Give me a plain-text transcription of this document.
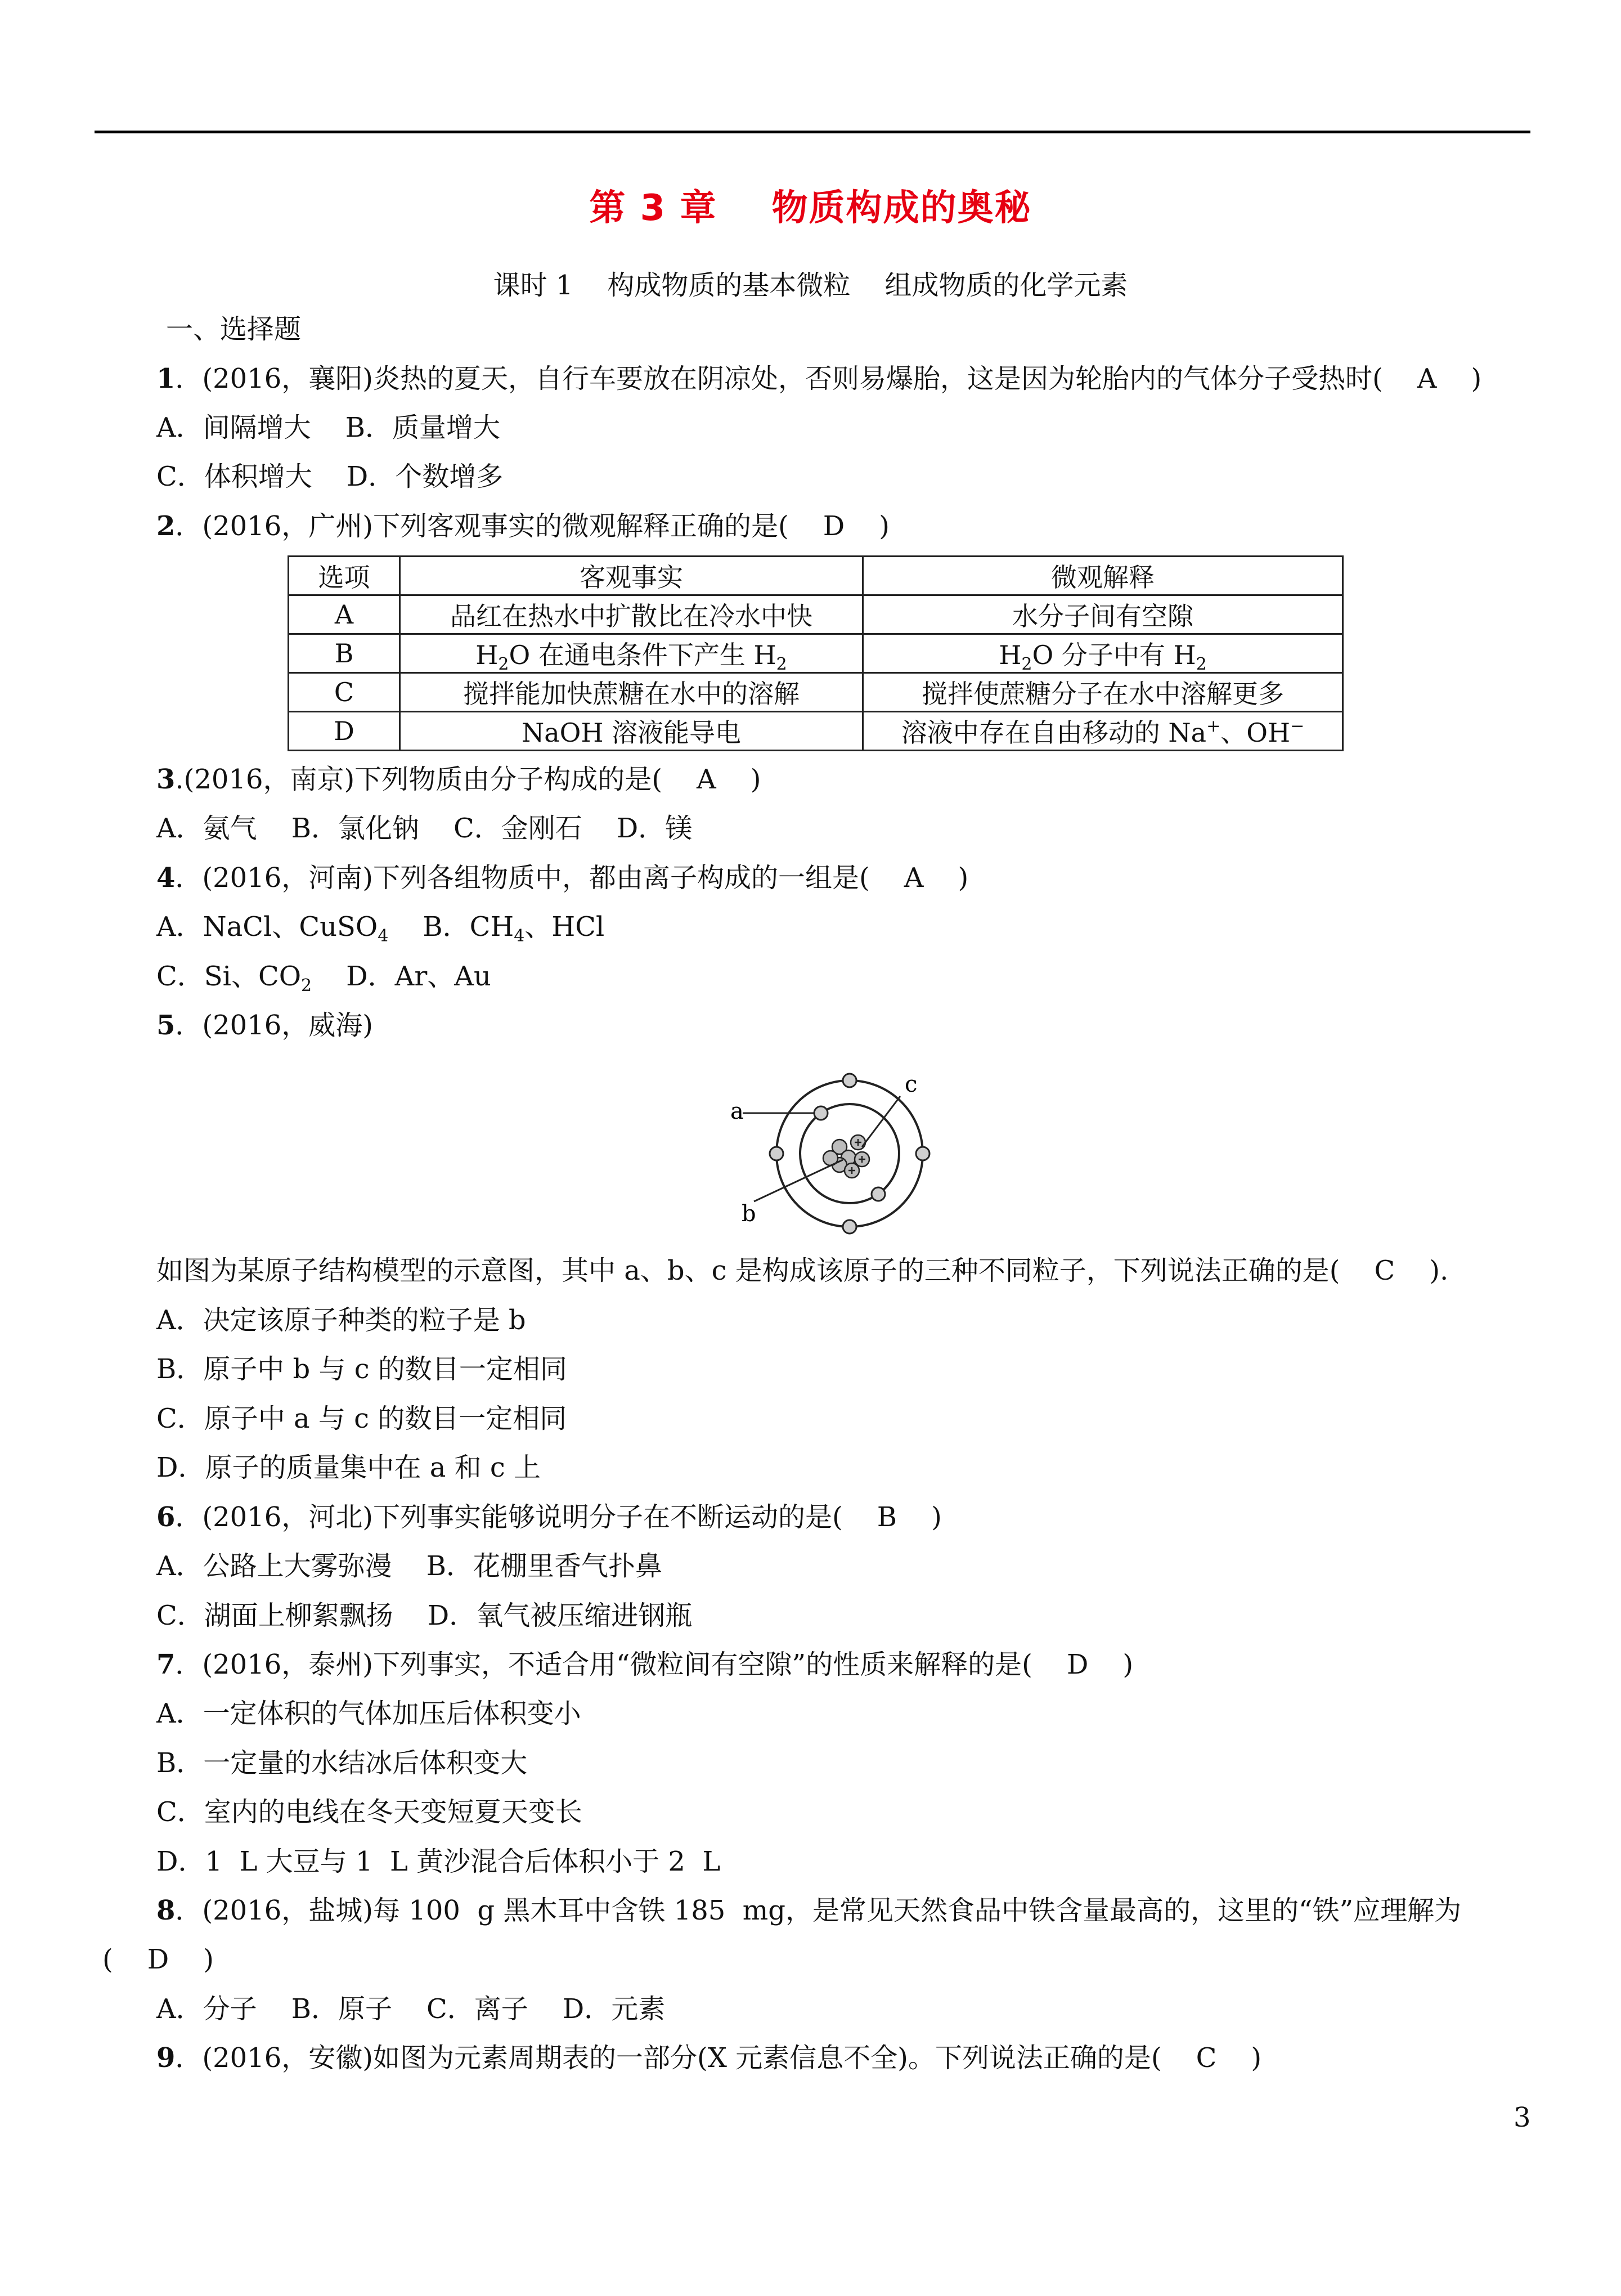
第 3 章    物质构成的奥秘
课时 1    构成物质的基本微粒    组成物质的化学元素
一、选择题
1．(2016，襄阳)炎热的夏天，自行车要放在阴凉处，否则易爆胎，这是因为轮胎内的气体分子受热时(    A    )
A．间隔增大    B．质量增大
C．体积增大    D．个数增多
2．(2016，广州)下列客观事实的微观解释正确的是(    D    )
选项	客观事实	微观解释
A	品红在热水中扩散比在冷水中快	水分子间有空隙
B	$H_2O$ 在通电条件下产生 $H_2$	$H_2O$ 分子中有 $H_2$
C	搅拌能加快蔗糖在水中的溶解	搅拌使蔗糖分子在水中溶解更多
D	NaOH 溶液能导电	溶液中存在自由移动的 Na+、OH−
3.(2016，南京)下列物质由分子构成的是(    A    )
A．氨气    B．氯化钠    C．金刚石    D．镁
4．(2016，河南)下列各组物质中，都由离子构成的一组是(    A    )
A．NaCl、CuSO$_4$    B．$CH_4$、HCl
C．Si、$CO_2$    D．Ar、Au
5．(2016，威海)
a
c
b
如图为某原子结构模型的示意图，其中 a、b、c 是构成该原子的三种不同粒子，下列说法正确的是(    C    ).
A．决定该原子种类的粒子是 b
B．原子中 b 与 c 的数目一定相同
C．原子中 a 与 c 的数目一定相同
D．原子的质量集中在 a 和 c 上
6．(2016，河北)下列事实能够说明分子在不断运动的是(    B    )
A．公路上大雾弥漫    B．花棚里香气扑鼻
C．湖面上柳絮飘扬    D．氧气被压缩进钢瓶
7．(2016，泰州)下列事实，不适合用“微粒间有空隙”的性质来解释的是(    D    )
A．一定体积的气体加压后体积变小
B．一定量的水结冰后体积变大
C．室内的电线在冬天变短夏天变长
D．1  L 大豆与 1  L 黄沙混合后体积小于 2  L
8．(2016，盐城)每 100  g 黑木耳中含铁 185  mg，是常见天然食品中铁含量最高的，这里的“铁”应理解为
(    D    )
A．分子    B．原子    C．离子    D．元素
9．(2016，安徽)如图为元素周期表的一部分(X 元素信息不全)。下列说法正确的是(    C    )
3
